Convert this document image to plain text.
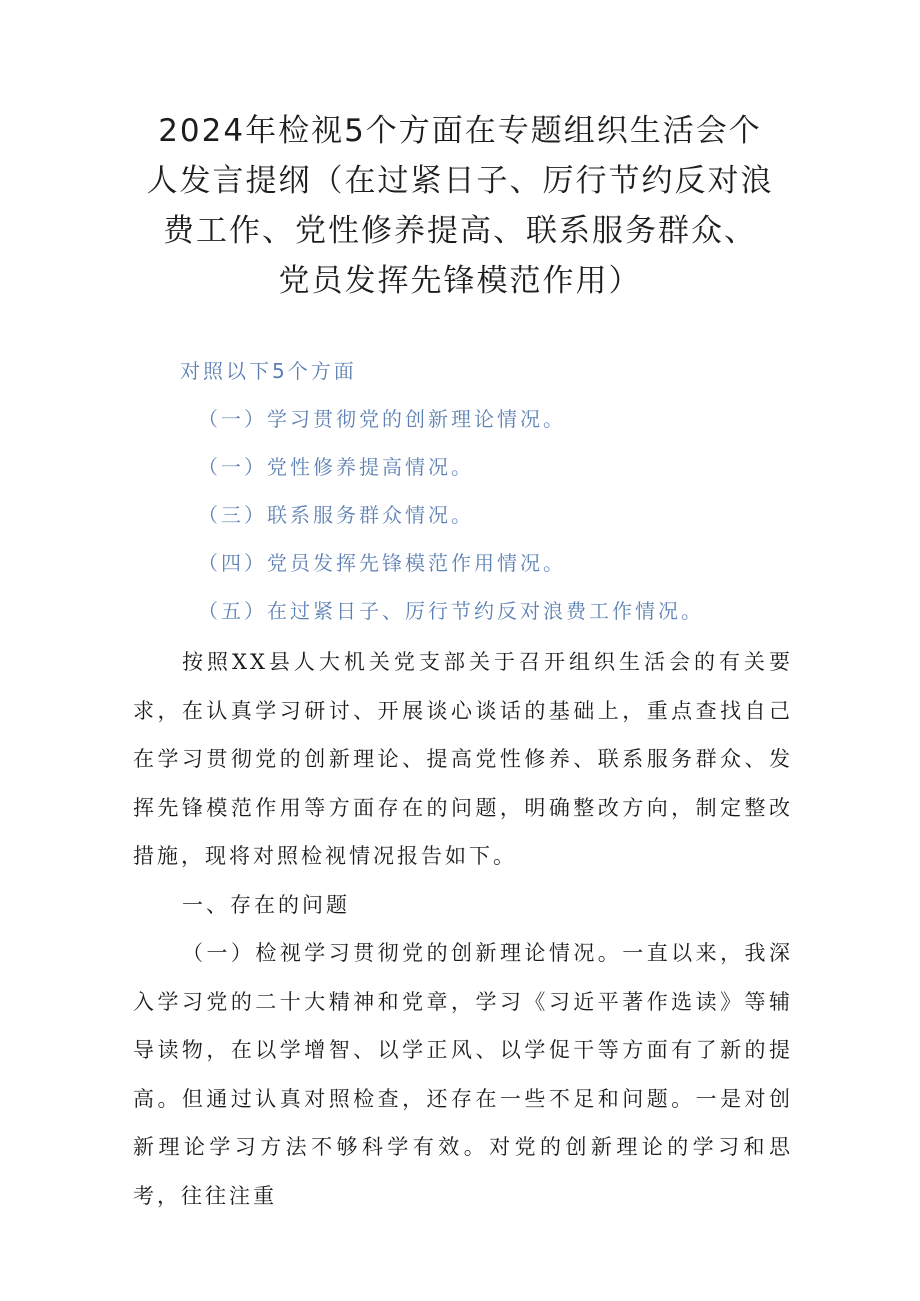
2024年检视5个方面在专题组织生活会个
人发言提纲（在过紧日子、厉行节约反对浪
费工作、党性修养提高、联系服务群众、
党员发挥先锋模范作用）
对照以下5个方面
（一）学习贯彻党的创新理论情况。
（一）党性修养提高情况。
（三）联系服务群众情况。
（四）党员发挥先锋模范作用情况。
（五）在过紧日子、厉行节约反对浪费工作情况。

按照XX县人大机关党支部关于召开组织生活会的有关要求，在认真学习研讨、开展谈心谈话的基础上，重点查找自己在学习贯彻党的创新理论、提高党性修养、联系服务群众、发挥先锋模范作用等方面存在的问题，明确整改方向，制定整改措施，现将对照检视情况报告如下。

一、存在的问题

（一）检视学习贯彻党的创新理论情况。一直以来，我深入学习党的二十大精神和党章，学习《习近平著作选读》等辅导读物，在以学增智、以学正风、以学促干等方面有了新的提高。但通过认真对照检查，还存在一些不足和问题。一是对创新理论学习方法不够科学有效。对党的创新理论的学习和思考，往往注重
